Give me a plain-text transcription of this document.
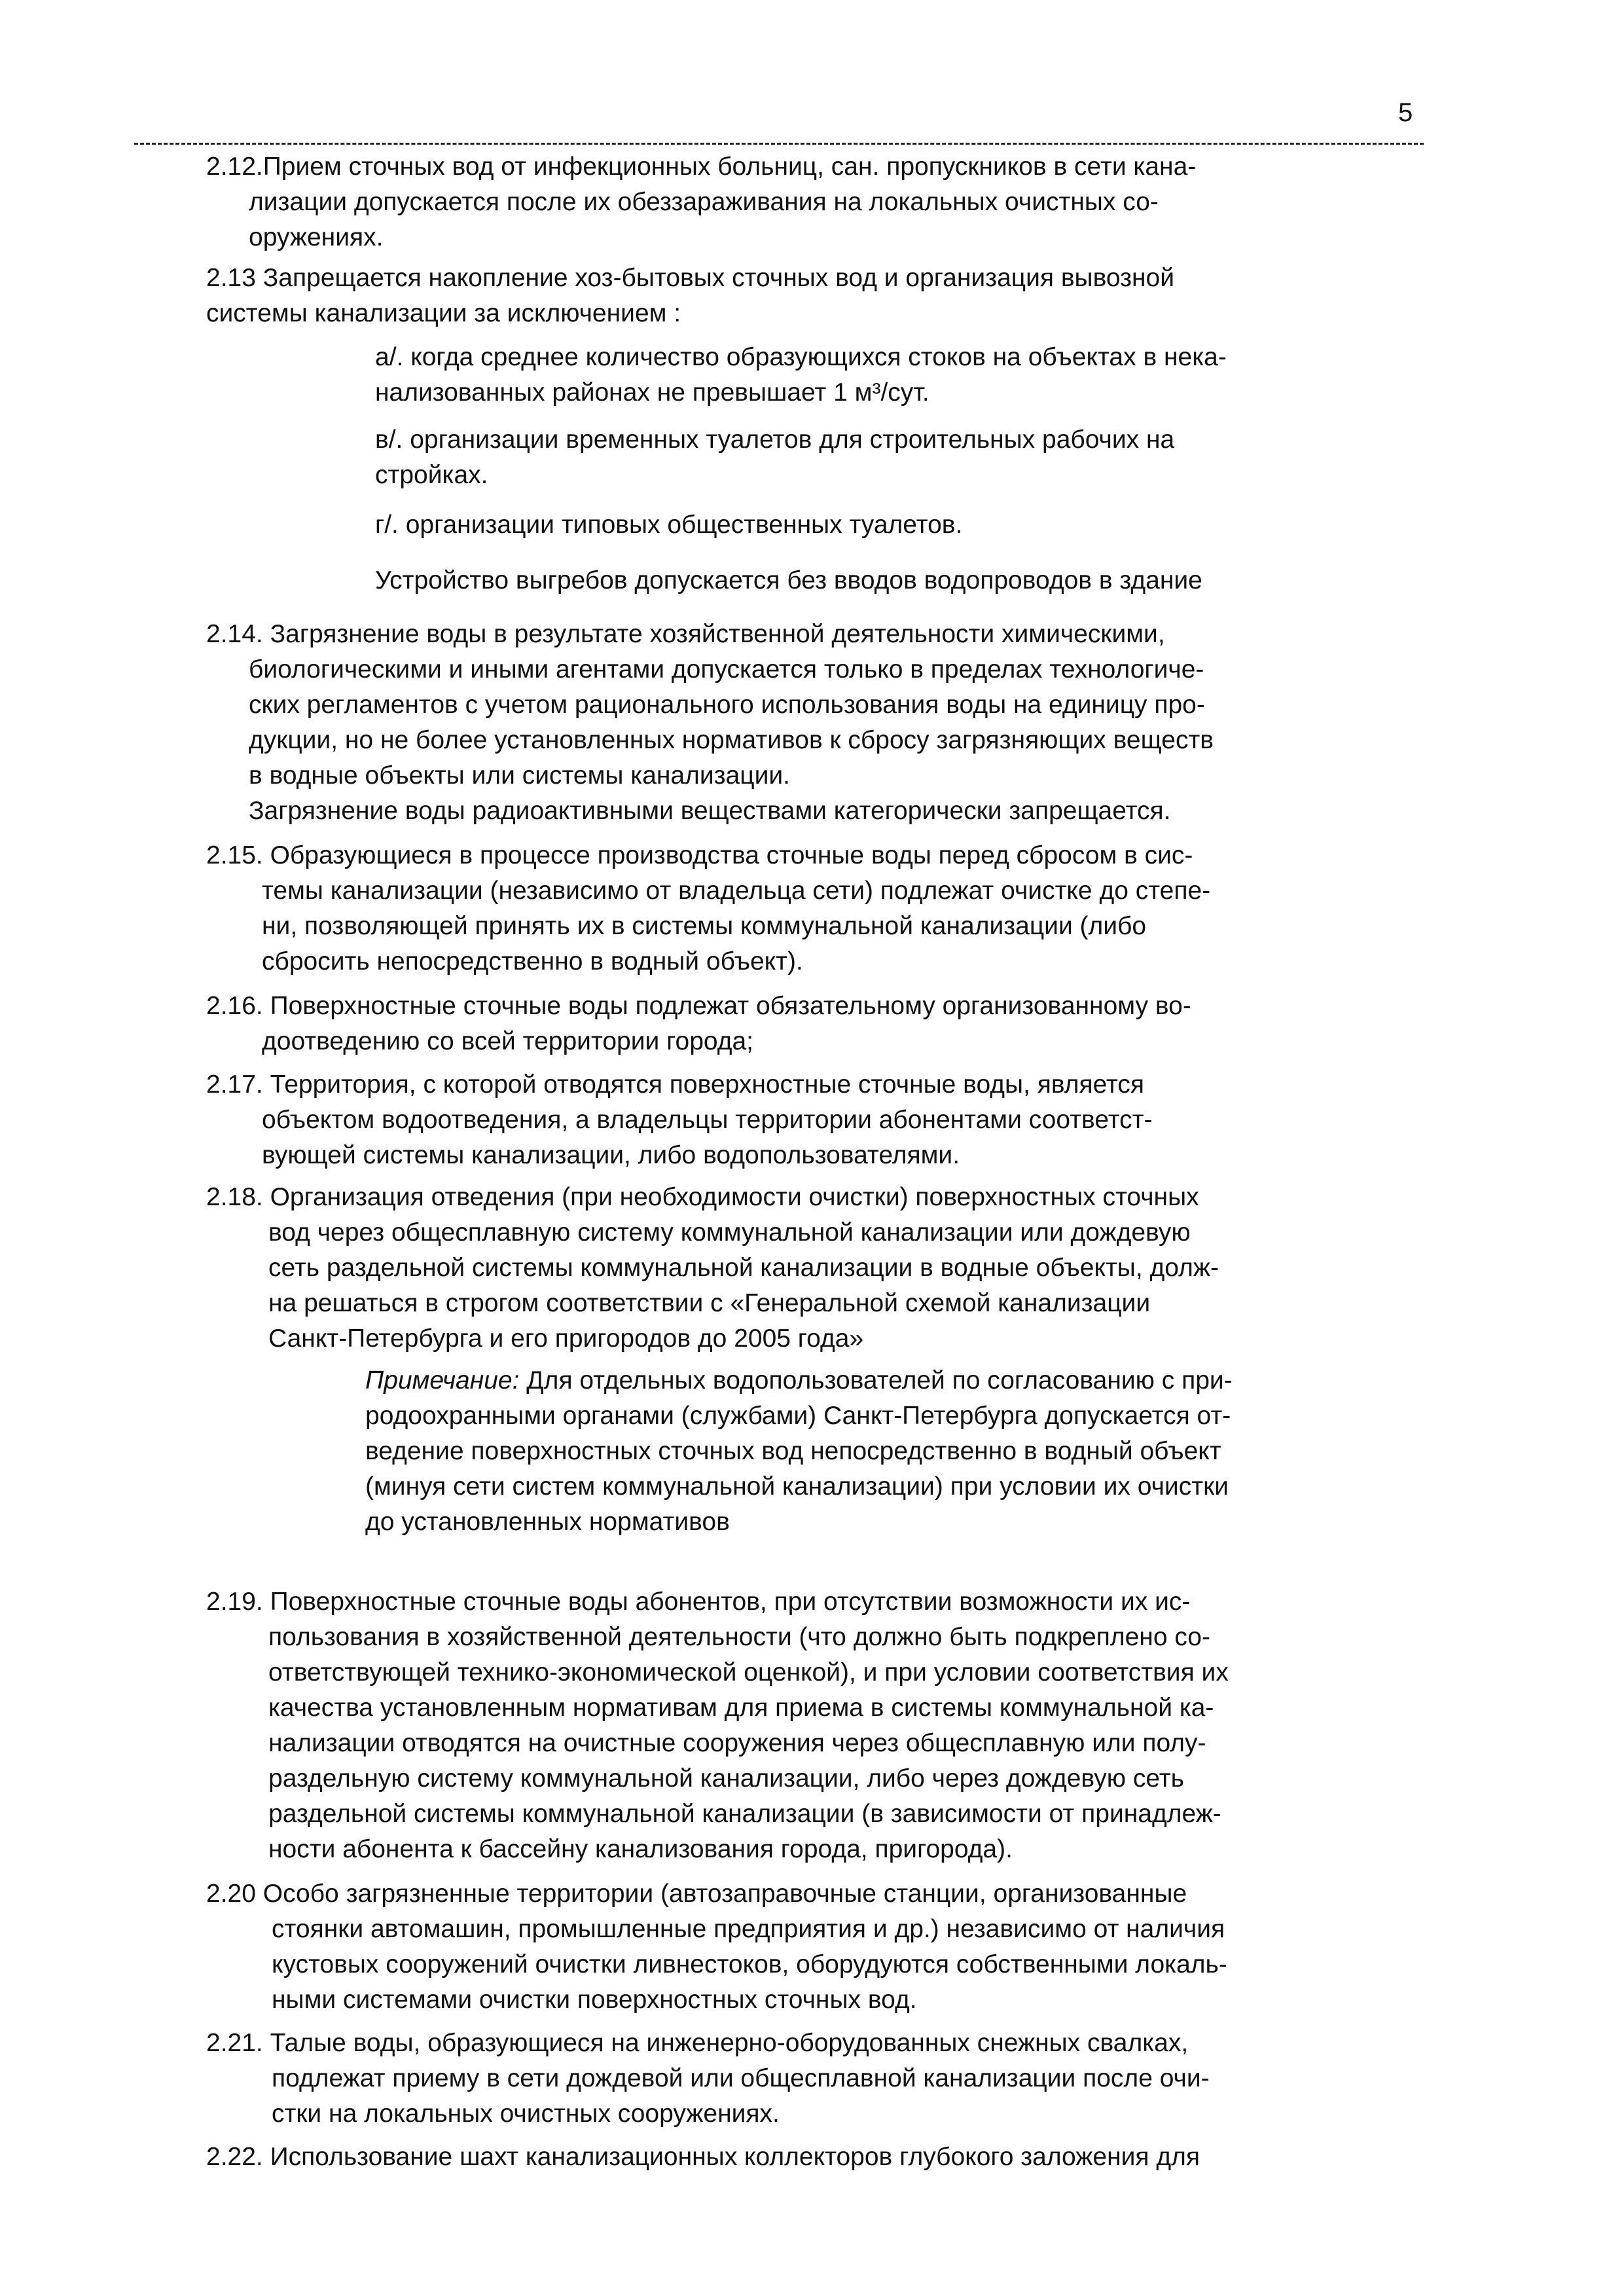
5
2.12.Прием сточных вод от инфекционных больниц, сан. пропускников в сети кана-
лизации допускается после их обеззараживания на локальных очистных со-
оружениях.
2.13 Запрещается накопление хоз-бытовых сточных вод и организация вывозной
системы канализации за исключением :
а/. когда среднее количество образующихся стоков на объектах в нека-
нализованных районах не превышает 1 м³/сут.
в/. организации временных туалетов для строительных рабочих на
стройках.
г/. организации типовых общественных туалетов.
Устройство выгребов допускается без вводов водопроводов в здание
2.14. Загрязнение воды в результате хозяйственной деятельности химическими,
биологическими и иными агентами допускается только в пределах технологиче-
ских регламентов с учетом рационального использования воды на единицу про-
дукции, но не более установленных нормативов к сбросу загрязняющих веществ
в водные объекты или системы канализации.
Загрязнение воды радиоактивными веществами категорически запрещается.
2.15. Образующиеся в процессе производства сточные воды перед сбросом в сис-
темы канализации (независимо от владельца сети) подлежат очистке до степе-
ни, позволяющей принять их в системы коммунальной канализации (либо
сбросить непосредственно в водный объект).
2.16. Поверхностные сточные воды подлежат обязательному организованному во-
доотведению со всей территории города;
2.17. Территория, с которой отводятся поверхностные сточные воды, является
объектом водоотведения, а владельцы территории абонентами соответст-
вующей системы канализации, либо водопользователями.
2.18. Организация отведения (при необходимости очистки) поверхностных сточных
вод через общесплавную систему коммунальной канализации или дождевую
сеть раздельной системы коммунальной канализации в водные объекты, долж-
на решаться в строгом соответствии с «Генеральной схемой канализации
Санкт-Петербурга и его пригородов до 2005 года»
Примечание: Для отдельных водопользователей по согласованию с при-
родоохранными органами (службами) Санкт-Петербурга допускается от-
ведение поверхностных сточных вод непосредственно в водный объект
(минуя сети систем коммунальной канализации) при условии их очистки
до установленных нормативов
2.19. Поверхностные сточные воды абонентов, при отсутствии возможности их ис-
пользования в хозяйственной деятельности (что должно быть подкреплено со-
ответствующей технико-экономической оценкой), и при условии соответствия их
качества установленным нормативам для приема в системы коммунальной ка-
нализации отводятся на очистные сооружения через общесплавную или полу-
раздельную систему коммунальной канализации, либо через дождевую сеть
раздельной системы коммунальной канализации (в зависимости от принадлеж-
ности абонента к бассейну канализования города, пригорода).
2.20 Особо загрязненные территории (автозаправочные станции, организованные
стоянки автомашин, промышленные предприятия и др.) независимо от наличия
кустовых сооружений очистки ливнестоков, оборудуются собственными локаль-
ными системами очистки поверхностных сточных вод.
2.21. Талые воды, образующиеся на инженерно-оборудованных снежных свалках,
подлежат приему в сети дождевой или общесплавной канализации после очи-
стки на локальных очистных сооружениях.
2.22. Использование шахт канализационных коллекторов глубокого заложения для
